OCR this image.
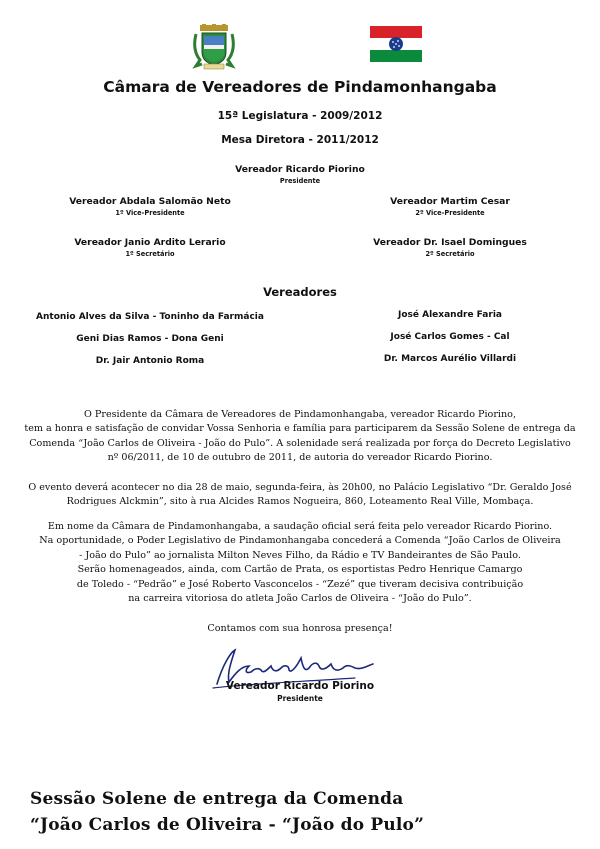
Câmara de Vereadores de Pindamonhangaba
15ª Legislatura - 2009/2012
Mesa Diretora - 2011/2012
Vereador Ricardo Piorino
Presidente
Vereador Abdala Salomão Neto
1º Vice-Presidente
Vereador Martim Cesar
2º Vice-Presidente
Vereador Janio Ardito Lerario
1º Secretário
Vereador Dr. Isael Domingues
2º Secretário
Vereadores
Antonio Alves da Silva - Toninho da Farmácia
Geni Dias Ramos - Dona Geni
Dr. Jair Antonio Roma
José Alexandre Faria
José Carlos Gomes - Cal
Dr. Marcos Aurélio Villardi
O Presidente da Câmara de Vereadores de Pindamonhangaba, vereador Ricardo Piorino,
tem a honra e satisfação de convidar Vossa Senhoria e família para participarem da Sessão Solene de entrega da
Comenda “João Carlos de Oliveira - João do Pulo”. A solenidade será realizada por força do Decreto Legislativo
nº 06/2011, de 10 de outubro de 2011, de autoria do vereador Ricardo Piorino.
O evento deverá acontecer no dia 28 de maio, segunda-feira, às 20h00, no Palácio Legislativo “Dr. Geraldo José
Rodrigues Alckmin”, sito à rua Alcides Ramos Nogueira, 860, Loteamento Real Ville, Mombaça.
Em nome da Câmara de Pindamonhangaba, a saudação oficial será feita pelo vereador Ricardo Piorino.
Na oportunidade, o Poder Legislativo de Pindamonhangaba concederá a Comenda “João Carlos de Oliveira
- João do Pulo” ao jornalista Milton Neves Filho, da Rádio e TV Bandeirantes de São Paulo.
Serão homenageados, ainda, com Cartão de Prata, os esportistas Pedro Henrique Camargo
de Toledo - “Pedrão” e José Roberto Vasconcelos - “Zezé” que tiveram decisiva contribuição
na carreira vitoriosa do atleta João Carlos de Oliveira - “João do Pulo”.
Contamos com sua honrosa presença!
Vereador Ricardo Piorino
Presidente
Sessão Solene de entrega da Comenda
“João Carlos de Oliveira - “João do Pulo”
